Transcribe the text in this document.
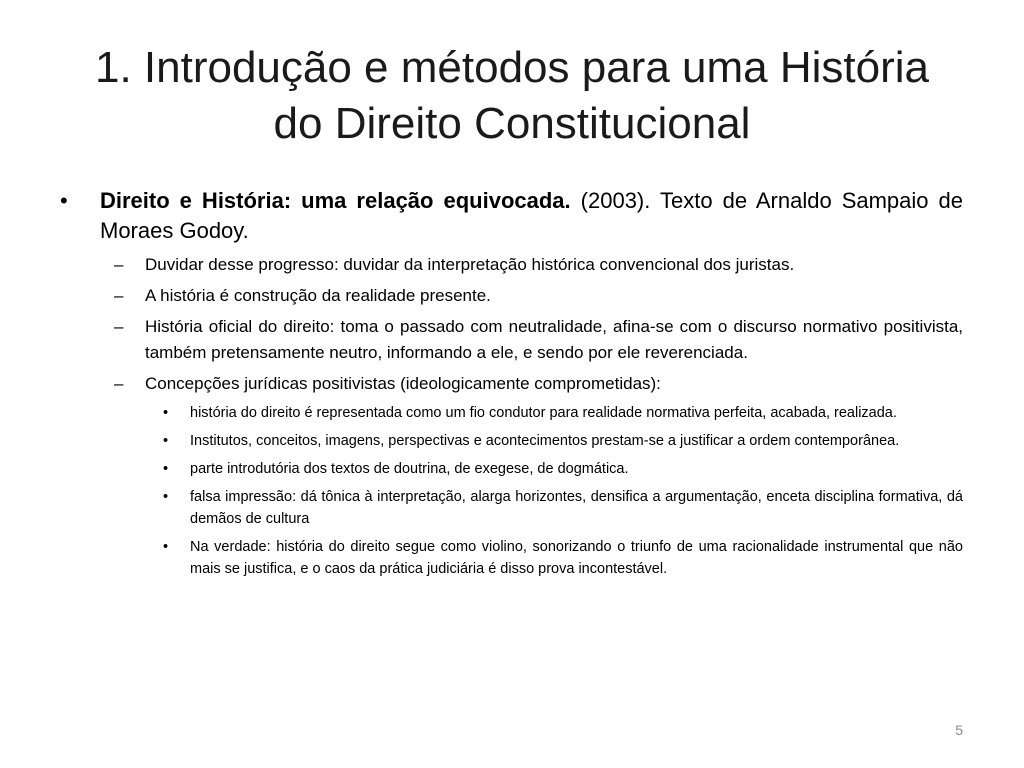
1. Introdução e métodos para uma História
do Direito Constitucional
• Direito e História: uma relação equivocada. (2003). Texto de Arnaldo Sampaio de Moraes Godoy.
– Duvidar desse progresso: duvidar da interpretação histórica convencional dos juristas.
– A história é construção da realidade presente.
– História oficial do direito: toma o passado com neutralidade, afina-se com o discurso normativo positivista, também pretensamente neutro, informando a ele, e sendo por ele reverenciada.
– Concepções jurídicas positivistas (ideologicamente comprometidas):
• história do direito é representada como um fio condutor para realidade normativa perfeita, acabada, realizada.
• Institutos, conceitos, imagens, perspectivas e acontecimentos prestam-se a justificar a ordem contemporânea.
• parte introdutória dos textos de doutrina, de exegese, de dogmática.
• falsa impressão: dá tônica à interpretação, alarga horizontes, densifica a argumentação, enceta disciplina formativa, dá demãos de cultura
• Na verdade: história do direito segue como violino, sonorizando o triunfo de uma racionalidade instrumental que não mais se justifica, e o caos da prática judiciária é disso prova incontestável.
5
